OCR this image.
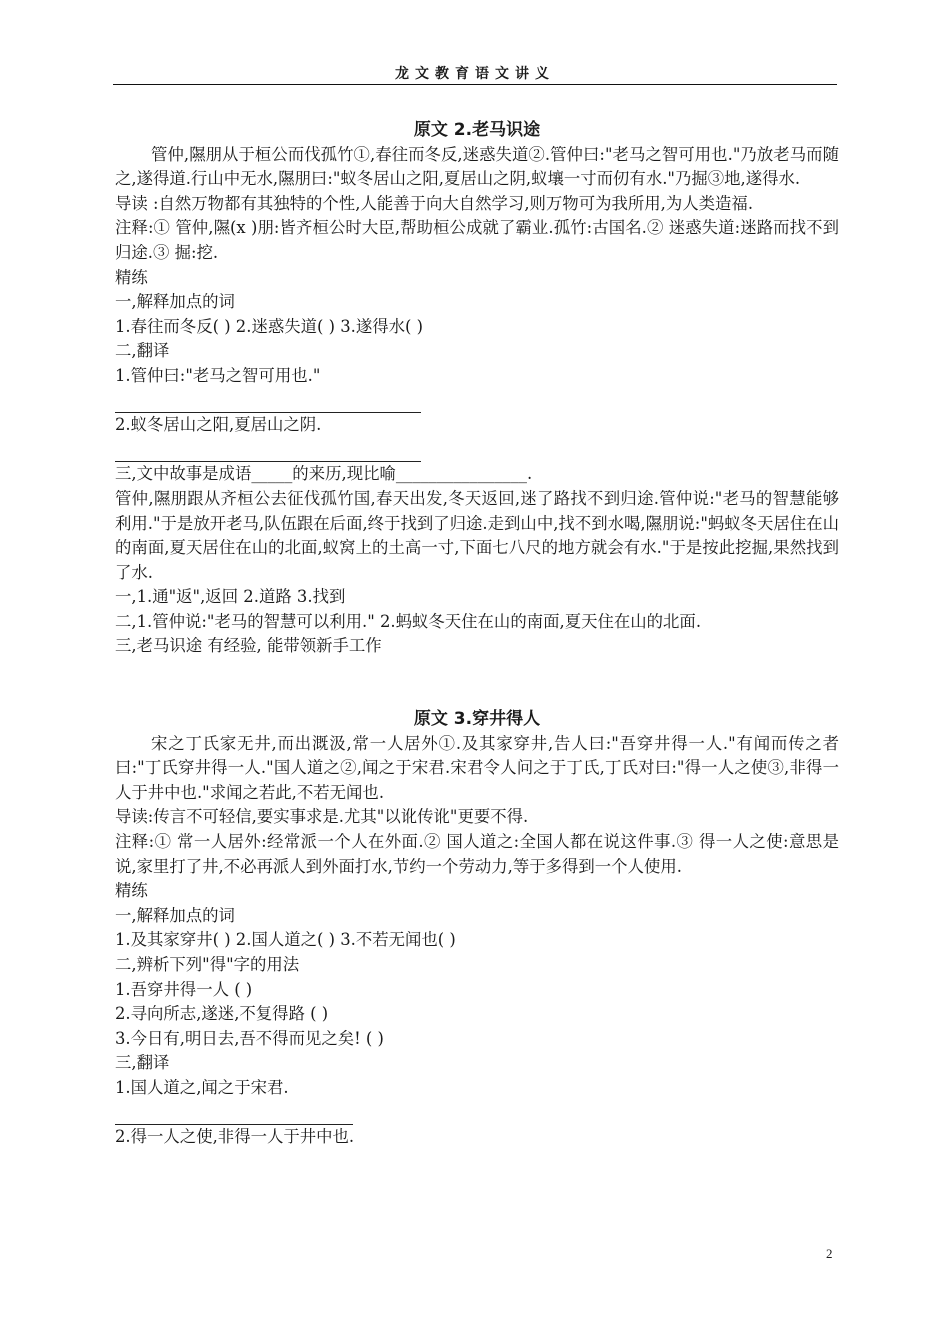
龙文教育语文讲义
原文 2.老马识途
管仲,隰朋从于桓公而伐孤竹①,春往而冬反,迷惑失道②.管仲曰:"老马之智可用也."乃放老马而随之,遂得道.行山中无水,隰朋曰:"蚁冬居山之阳,夏居山之阴,蚁壤一寸而仞有水."乃掘③地,遂得水.
导读 :自然万物都有其独特的个性,人能善于向大自然学习,则万物可为我所用,为人类造福.
注释:① 管仲,隰(x )朋:皆齐桓公时大臣,帮助桓公成就了霸业.孤竹:古国名.② 迷惑失道:迷路而找不到归途.③ 掘:挖.
精练
一,解释加点的词
1.春往而冬反( ) 2.迷惑失道( ) 3.遂得水( )
二,翻译
1.管仲曰:"老马之智可用也."
2.蚁冬居山之阳,夏居山之阴.
三,文中故事是成语_____的来历,现比喻________________.
管仲,隰朋跟从齐桓公去征伐孤竹国,春天出发,冬天返回,迷了路找不到归途.管仲说:"老马的智慧能够利用."于是放开老马,队伍跟在后面,终于找到了归途.走到山中,找不到水喝,隰朋说:"蚂蚁冬天居住在山的南面,夏天居住在山的北面,蚁窝上的土高一寸,下面七八尺的地方就会有水."于是按此挖掘,果然找到了水.
一,1.通"返",返回 2.道路 3.找到
二,1.管仲说:"老马的智慧可以利用." 2.蚂蚁冬天住在山的南面,夏天住在山的北面.
三,老马识途 有经验, 能带领新手工作
原文 3.穿井得人
宋之丁氏家无井,而出溉汲,常一人居外①.及其家穿井,告人曰:"吾穿井得一人."有闻而传之者曰:"丁氏穿井得一人."国人道之②,闻之于宋君.宋君令人问之于丁氏,丁氏对曰:"得一人之使③,非得一人于井中也."求闻之若此,不若无闻也.
导读:传言不可轻信,要实事求是.尤其"以讹传讹"更要不得.
注释:① 常一人居外:经常派一个人在外面.② 国人道之:全国人都在说这件事.③ 得一人之使:意思是说,家里打了井,不必再派人到外面打水,节约一个劳动力,等于多得到一个人使用.
精练
一,解释加点的词
1.及其家穿井( ) 2.国人道之( ) 3.不若无闻也( )
二,辨析下列"得"字的用法
1.吾穿井得一人 ( )
2.寻向所志,遂迷,不复得路 ( )
3.今日有,明日去,吾不得而见之矣! ( )
三,翻译
1.国人道之,闻之于宋君.
2.得一人之使,非得一人于井中也.
2
